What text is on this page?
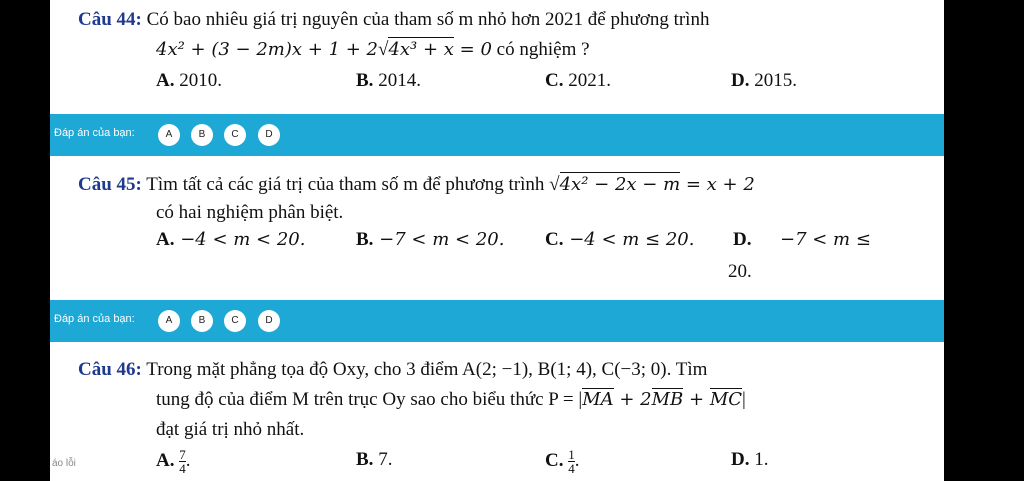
Câu 44: Có bao nhiêu giá trị nguyên của tham số m nhỏ hơn 2021 để phương trình
4x² + (3 − 2m)x + 1 + 2√4x³ + x = 0 có nghiệm ?
A. 2010.	B. 2014.	C. 2021.	D. 2015.
Đáp án của bạn:	A	B	C	D
Câu 45: Tìm tất cả các giá trị của tham số m để phương trình √4x² − 2x − m = x + 2
có hai nghiệm phân biệt.
A. −4 < m < 20.	B. −7 < m < 20. C. −4 < m ≤ 20. D. −7 < m ≤
20.
Đáp án của bạn:	A	B	C	D
Câu 46: Trong mặt phẳng tọa độ Oxy, cho 3 điểm A(2; −1), B(1; 4), C(−3; 0). Tìm
tung độ của điểm M trên trục Oy sao cho biểu thức P = |MA + 2MB + MC|
đạt giá trị nhỏ nhất.
A. $\frac{7}{4}$ .	B. 7.	C. $\frac{1}{4}$ .	D. 1.
áo lỗi
